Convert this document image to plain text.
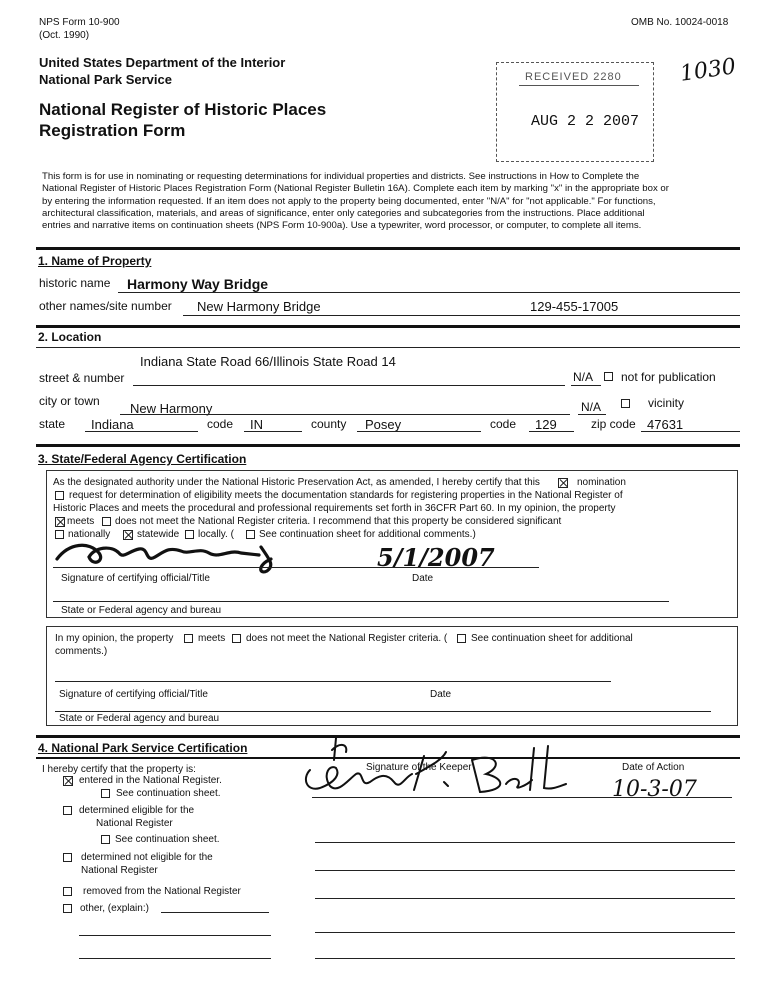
NPS Form 10-900
(Oct. 1990)
OMB No. 10024-0018
United States Department of the Interior
National Park Service
National Register of Historic Places
Registration Form
RECEIVED 2280
AUG 2 2 2007
1030
This form is for use in nominating or requesting determinations for individual properties and districts. See instructions in How to Complete the
National Register of Historic Places Registration Form (National Register Bulletin 16A). Complete each item by marking "x" in the appropriate box or
by entering the information requested. If an item does not apply to the property being documented, enter "N/A" for "not applicable." For functions,
architectural classification, materials, and areas of significance, enter only categories and subcategories from the instructions. Place additional
entries and narrative items on continuation sheets (NPS Form 10-900a). Use a typewriter, word processor, or computer, to complete all items.
1. Name of Property
historic name Harmony Way Bridge
other names/site number New Harmony Bridge	129-455-17005
2. Location
Indiana State Road 66/Illinois State Road 14
street & number	N/A not for publication
city or town New Harmony	N/A	vicinity
state Indiana	code IN	county Posey	code 129	zip code 47631
3. State/Federal Agency Certification
As the designated authority under the National Historic Preservation Act, as amended, I hereby certify that this	nomination
request for determination of eligibility meets the documentation standards for registering properties in the National Register of
Historic Places and meets the procedural and professional requirements set forth in 36CFR Part 60. In my opinion, the property
meets does not meet the National Register criteria. I recommend that this property be considered significant
nationally	statewide locally. (	See continuation sheet for additional comments.)
5/1/2007
Signature of certifying official/Title	Date
State or Federal agency and bureau
In my opinion, the property meets does not meet the National Register criteria. ( See continuation sheet for additional
comments.)
Signature of certifying official/Title	Date
State or Federal agency and bureau
4. National Park Service Certification
I hereby certify that the property is:
entered in the National Register.
See continuation sheet.
determined eligible for the
National Register
See continuation sheet.
determined not eligible for the
National Register
removed from the National Register
other, (explain:)
Signature of the Keeper	Date of Action
10-3-07
